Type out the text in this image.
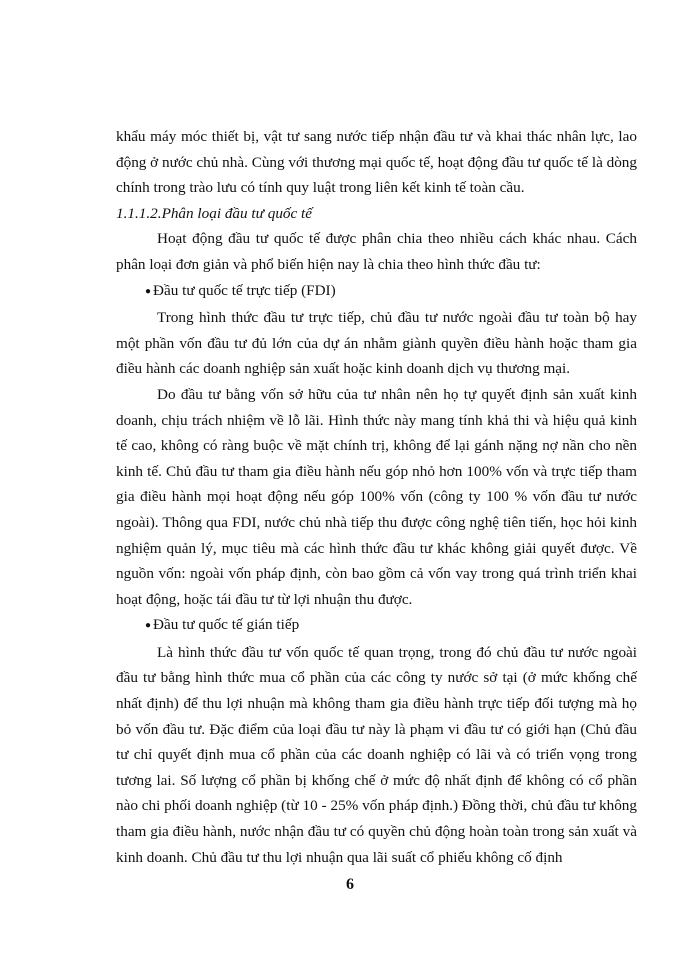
khẩu máy móc thiết bị, vật tư sang nước tiếp nhận đầu tư và khai thác nhân lực, lao động ở nước chủ nhà. Cùng với thương mại quốc tế, hoạt động đầu tư quốc tế là dòng chính trong trào lưu có tính quy luật trong liên kết kinh tế toàn cầu.

1.1.1.2.Phân loại đầu tư quốc tế

Hoạt động đầu tư quốc tế được phân chia theo nhiều cách khác nhau. Cách phân loại đơn giản và phổ biến hiện nay là chia theo hình thức đầu tư:

● Đầu tư quốc tế trực tiếp (FDI)

Trong hình thức đầu tư trực tiếp, chủ đầu tư nước ngoài đầu tư toàn bộ hay một phần vốn đầu tư đủ lớn của dự án nhằm giành quyền điều hành hoặc tham gia điều hành các doanh nghiệp sản xuất hoặc kinh doanh dịch vụ thương mại.

Do đầu tư bằng vốn sở hữu của tư nhân nên họ tự quyết định sản xuất kinh doanh, chịu trách nhiệm về lỗ lãi. Hình thức này mang tính khả thi và hiệu quả kinh tế cao, không có ràng buộc về mặt chính trị, không để lại gánh nặng nợ nần cho nền kinh tế. Chủ đầu tư tham gia điều hành nếu góp nhỏ hơn 100% vốn và trực tiếp tham gia điều hành mọi hoạt động nếu góp 100% vốn (công ty 100 % vốn đầu tư nước ngoài). Thông qua FDI, nước chủ nhà tiếp thu được công nghệ tiên tiến, học hỏi kinh nghiệm quản lý, mục tiêu mà các hình thức đầu tư khác không giải quyết được. Về nguồn vốn: ngoài vốn pháp định, còn bao gồm cả vốn vay trong quá trình triển khai hoạt động, hoặc tái đầu tư từ lợi nhuận thu được.

● Đầu tư quốc tế gián tiếp

Là hình thức đầu tư vốn quốc tế quan trọng, trong đó chủ đầu tư nước ngoài đầu tư bằng hình thức mua cổ phần của các công ty nước sở tại (ở mức khống chế nhất định) để thu lợi nhuận mà không tham gia điều hành trực tiếp đối tượng mà họ bỏ vốn đầu tư. Đặc điểm của loại đầu tư này là phạm vi đầu tư có giới hạn (Chủ đầu tư chỉ quyết định mua cổ phần của các doanh nghiệp có lãi và có triển vọng trong tương lai. Số lượng cổ phần bị khống chế ở mức độ nhất định để không có cổ phần nào chi phối doanh nghiệp (từ 10 - 25% vốn pháp định.) Đồng thời, chủ đầu tư không tham gia điều hành, nước nhận đầu tư có quyền chủ động hoàn toàn trong sản xuất và kinh doanh. Chủ đầu tư thu lợi nhuận qua lãi suất cổ phiếu không cố định

6
